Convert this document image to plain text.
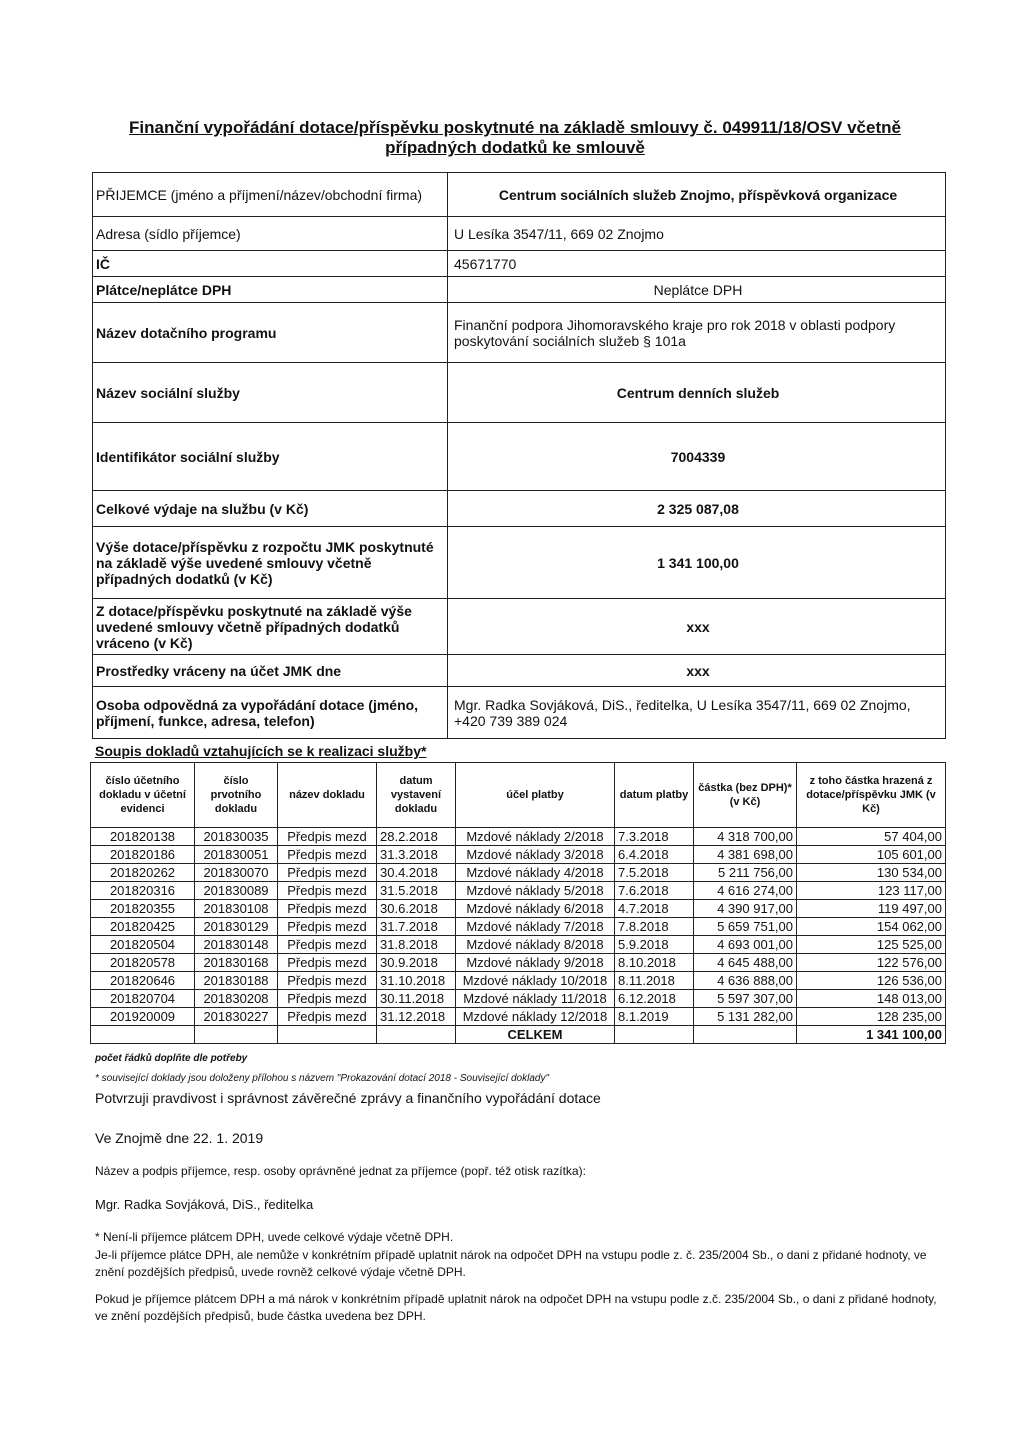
Finanční vypořádání dotace/příspěvku poskytnuté na základě smlouvy č. 049911/18/OSV včetně
případných dodatků ke smlouvě
PŘIJEMCE (jméno a příjmení/název/obchodní firma)	Centrum sociálních služeb Znojmo, příspěvková organizace
Adresa (sídlo příjemce)	U Lesíka 3547/11, 669 02 Znojmo
IČ	45671770
Plátce/neplátce DPH	Neplátce DPH
Název dotačního programu	Finanční podpora Jihomoravského kraje pro rok 2018 v oblasti podpory poskytování sociálních služeb § 101a
Název sociální služby	Centrum denních služeb
Identifikátor sociální služby	7004339
Celkové výdaje na službu (v Kč)	2 325 087,08
Výše dotace/příspěvku z rozpočtu JMK poskytnuté na základě výše uvedené smlouvy včetně případných dodatků (v Kč)	1 341 100,00
Z dotace/příspěvku poskytnuté na základě výše uvedené smlouvy včetně případných dodatků vráceno (v Kč)	xxx
Prostředky vráceny na účet JMK dne	xxx
Osoba odpovědná za vypořádání dotace (jméno, příjmení, funkce, adresa, telefon)	Mgr. Radka Sovjáková, DiS., ředitelka, U Lesíka 3547/11, 669 02 Znojmo, +420 739 389 024
Soupis dokladů vztahujících se k realizaci služby*
číslo účetního dokladu v účetní evidenci	číslo prvotního dokladu	název dokladu	datum vystavení dokladu	účel platby	datum platby	částka (bez DPH)* (v Kč)	z toho částka hrazená z dotace/příspěvku JMK (v Kč)
201820138	201830035	Předpis mezd	28.2.2018	Mzdové náklady 2/2018	7.3.2018	4 318 700,00	57 404,00
201820186	201830051	Předpis mezd	31.3.2018	Mzdové náklady 3/2018	6.4.2018	4 381 698,00	105 601,00
201820262	201830070	Předpis mezd	30.4.2018	Mzdové náklady 4/2018	7.5.2018	5 211 756,00	130 534,00
201820316	201830089	Předpis mezd	31.5.2018	Mzdové náklady 5/2018	7.6.2018	4 616 274,00	123 117,00
201820355	201830108	Předpis mezd	30.6.2018	Mzdové náklady 6/2018	4.7.2018	4 390 917,00	119 497,00
201820425	201830129	Předpis mezd	31.7.2018	Mzdové náklady 7/2018	7.8.2018	5 659 751,00	154 062,00
201820504	201830148	Předpis mezd	31.8.2018	Mzdové náklady 8/2018	5.9.2018	4 693 001,00	125 525,00
201820578	201830168	Předpis mezd	30.9.2018	Mzdové náklady 9/2018	8.10.2018	4 645 488,00	122 576,00
201820646	201830188	Předpis mezd	31.10.2018	Mzdové náklady 10/2018	8.11.2018	4 636 888,00	126 536,00
201820704	201830208	Předpis mezd	30.11.2018	Mzdové náklady 11/2018	6.12.2018	5 597 307,00	148 013,00
201920009	201830227	Předpis mezd	31.12.2018	Mzdové náklady 12/2018	8.1.2019	5 131 282,00	128 235,00
				CELKEM			1 341 100,00
počet řádků doplňte dle potřeby
* související doklady jsou doloženy přílohou s názvem "Prokazování dotací 2018 - Související doklady"
Potvrzuji pravdivost i správnost závěrečné zprávy a finančního vypořádání dotace
Ve Znojmě dne 22. 1. 2019
Název a podpis příjemce, resp. osoby oprávněné jednat za příjemce (popř. též otisk razítka):
Mgr. Radka Sovjáková, DiS., ředitelka
* Není-li příjemce plátcem DPH, uvede celkové výdaje včetně DPH.
Je-li příjemce plátce DPH, ale nemůže v konkrétním případě uplatnit nárok na odpočet DPH na vstupu podle z. č. 235/2004 Sb., o dani z přidané hodnoty, ve znění pozdějších předpisů, uvede rovněž celkové výdaje včetně DPH.
Pokud je příjemce plátcem DPH a má nárok v konkrétním případě uplatnit nárok na odpočet DPH na vstupu podle z.č. 235/2004 Sb., o dani z přidané hodnoty, ve znění pozdějších předpisů, bude částka uvedena bez DPH.
